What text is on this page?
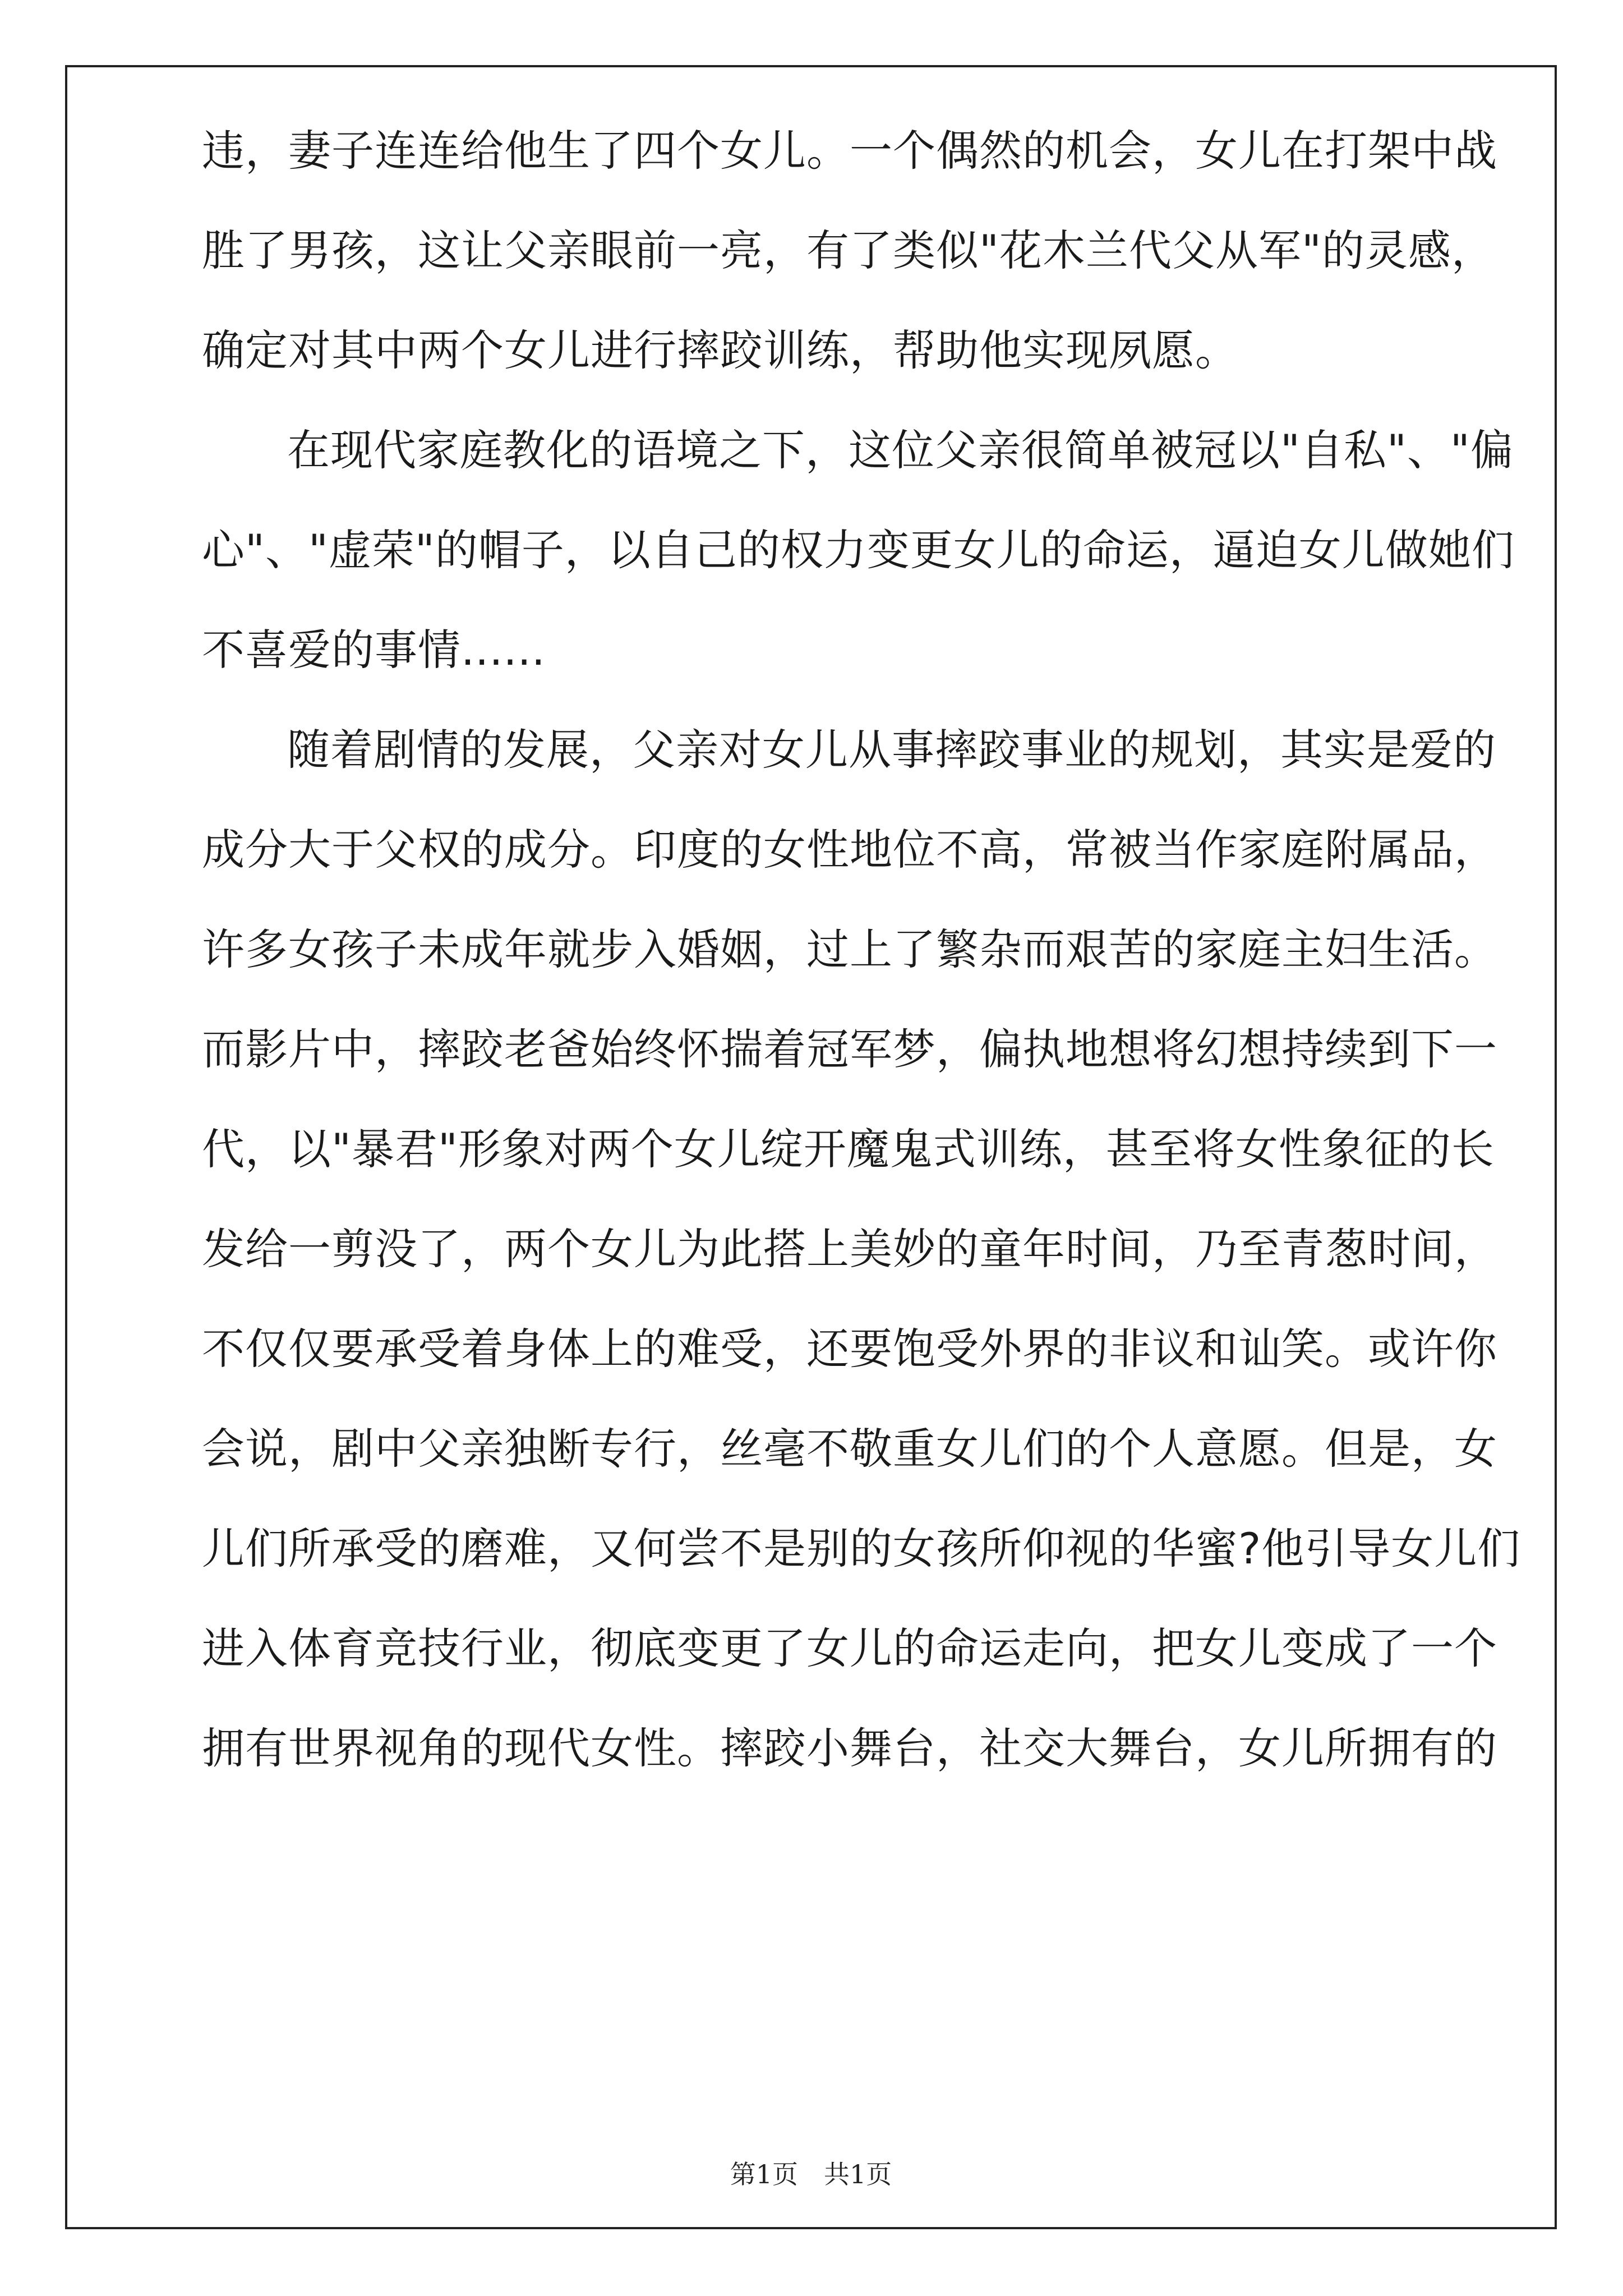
违，妻子连连给他生了四个女儿。一个偶然的机会，女儿在打架中战
胜了男孩，这让父亲眼前一亮，有了类似"花木兰代父从军"的灵感，
确定对其中两个女儿进行摔跤训练，帮助他实现夙愿。
在现代家庭教化的语境之下，这位父亲很简单被冠以"自私"、"偏
心"、"虚荣"的帽子，以自己的权力变更女儿的命运，逼迫女儿做她们
不喜爱的事情......
随着剧情的发展，父亲对女儿从事摔跤事业的规划，其实是爱的
成分大于父权的成分。印度的女性地位不高，常被当作家庭附属品，
许多女孩子未成年就步入婚姻，过上了繁杂而艰苦的家庭主妇生活。
而影片中，摔跤老爸始终怀揣着冠军梦，偏执地想将幻想持续到下一
代，以"暴君"形象对两个女儿绽开魔鬼式训练，甚至将女性象征的长
发给一剪没了，两个女儿为此搭上美妙的童年时间，乃至青葱时间，
不仅仅要承受着身体上的难受，还要饱受外界的非议和讪笑。或许你
会说，剧中父亲独断专行，丝毫不敬重女儿们的个人意愿。但是，女
儿们所承受的磨难，又何尝不是别的女孩所仰视的华蜜?他引导女儿们
进入体育竞技行业，彻底变更了女儿的命运走向，把女儿变成了一个
拥有世界视角的现代女性。摔跤小舞台，社交大舞台，女儿所拥有的
第1页　共1页
